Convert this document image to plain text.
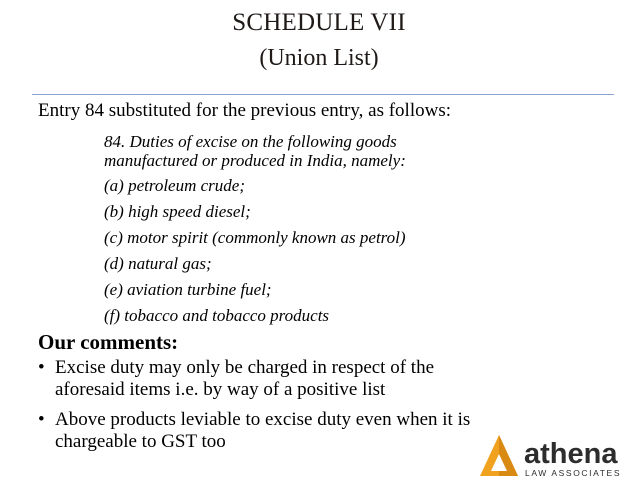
SCHEDULE VII
(Union List)
Entry 84 substituted for the previous entry, as follows:
84. Duties of excise on the following goods
manufactured or produced in India, namely:
(a) petroleum crude;
(b) high speed diesel;
(c) motor spirit (commonly known as petrol)
(d) natural gas;
(e) aviation turbine fuel;
(f) tobacco and tobacco products
Our comments:
• Excise duty may only be charged in respect of the
aforesaid items i.e. by way of a positive list
• Above products leviable to excise duty even when it is
chargeable to GST too	athena
LAW ASSOCIATES
